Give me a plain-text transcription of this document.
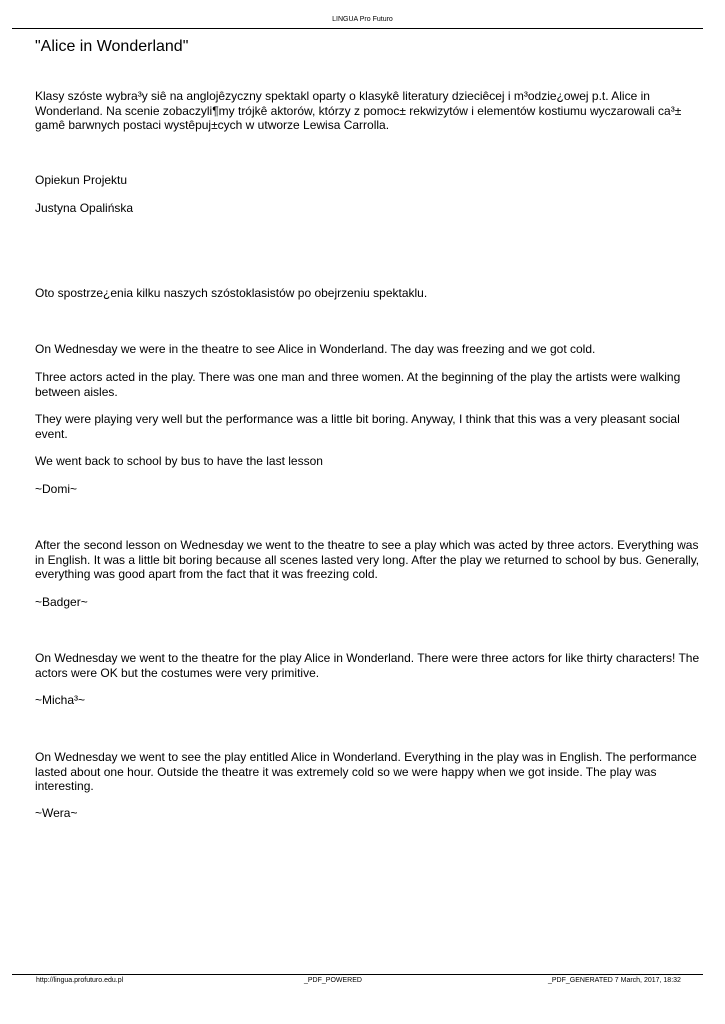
LINGUA Pro Futuro
"Alice in Wonderland"

Klasy szóste wybra³y siê na anglojêzyczny spektakl oparty o klasykê literatury dzieciêcej i m³odzie¿owej p.t. Alice in Wonderland. Na scenie zobaczyli¶my trójkê aktorów, którzy z pomoc± rekwizytów i elementów kostiumu wyczarowali ca³± gamê barwnych postaci wystêpuj±cych w utworze Lewisa Carrolla.

Opiekun Projektu

Justyna Opalińska

Oto spostrze¿enia kilku naszych szóstoklasistów po obejrzeniu spektaklu.

On Wednesday we were in the theatre to see Alice in Wonderland. The day was freezing and we got cold.

Three actors acted in the play. There was one man and three women. At the beginning of the play the artists were walking between aisles.

They were playing very well but the performance was a little bit boring. Anyway, I think that this was a very pleasant social event.

We went back to school by bus to have the last lesson

~Domi~

After the second lesson on Wednesday we went to the theatre to see a play which was acted by three actors. Everything was in English. It was a little bit boring because all scenes lasted very long. After the play we returned to school by bus. Generally, everything was good apart from the fact that it was freezing cold.

~Badger~

On Wednesday we went to the theatre for the play Alice in Wonderland. There were three actors for like thirty characters! The actors were OK but the costumes were very primitive.

~Micha³~

On Wednesday we went to see the play entitled Alice in Wonderland. Everything in the play was in English. The performance lasted about one hour. Outside the theatre it was extremely cold so we were happy when we got inside. The play was interesting.

~Wera~

http://lingua.profuturo.edu.pl	_PDF_POWERED	_PDF_GENERATED 7 March, 2017, 18:32
